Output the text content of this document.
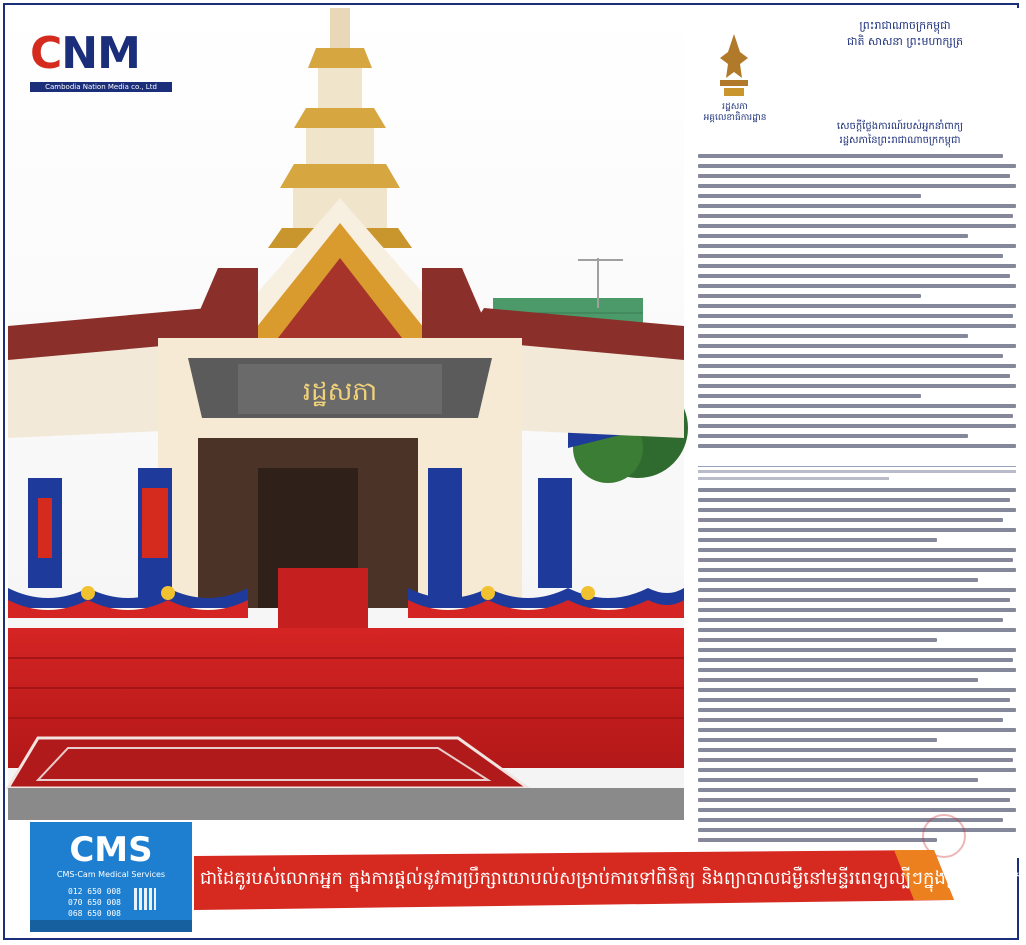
រដ្ឋសភា
CNM
Cambodia Nation Media co., Ltd
រដ្ឋសភា
អគ្គលេខាធិការដ្ឋាន
ព្រះរាជាណាចក្រកម្ពុជា
ជាតិ សាសនា ព្រះមហាក្សត្រ
សេចក្តីថ្លែងការណ៍របស់អ្នកនាំពាក្យ
រដ្ឋសភានៃព្រះរាជាណាចក្រកម្ពុជា
CMS
CMS-Cam Medical Services
012 650 008
070 650 008
068 650 008
ជាដៃគូរបស់លោកអ្នក ក្នុងការផ្តល់នូវការប្រឹក្សាយោបល់សម្រាប់ការទៅពិនិត្យ និងព្យាបាលជម្ងឺនៅមន្ទីរពេទ្យល្បីៗក្នុងប្រទេសថៃ។
